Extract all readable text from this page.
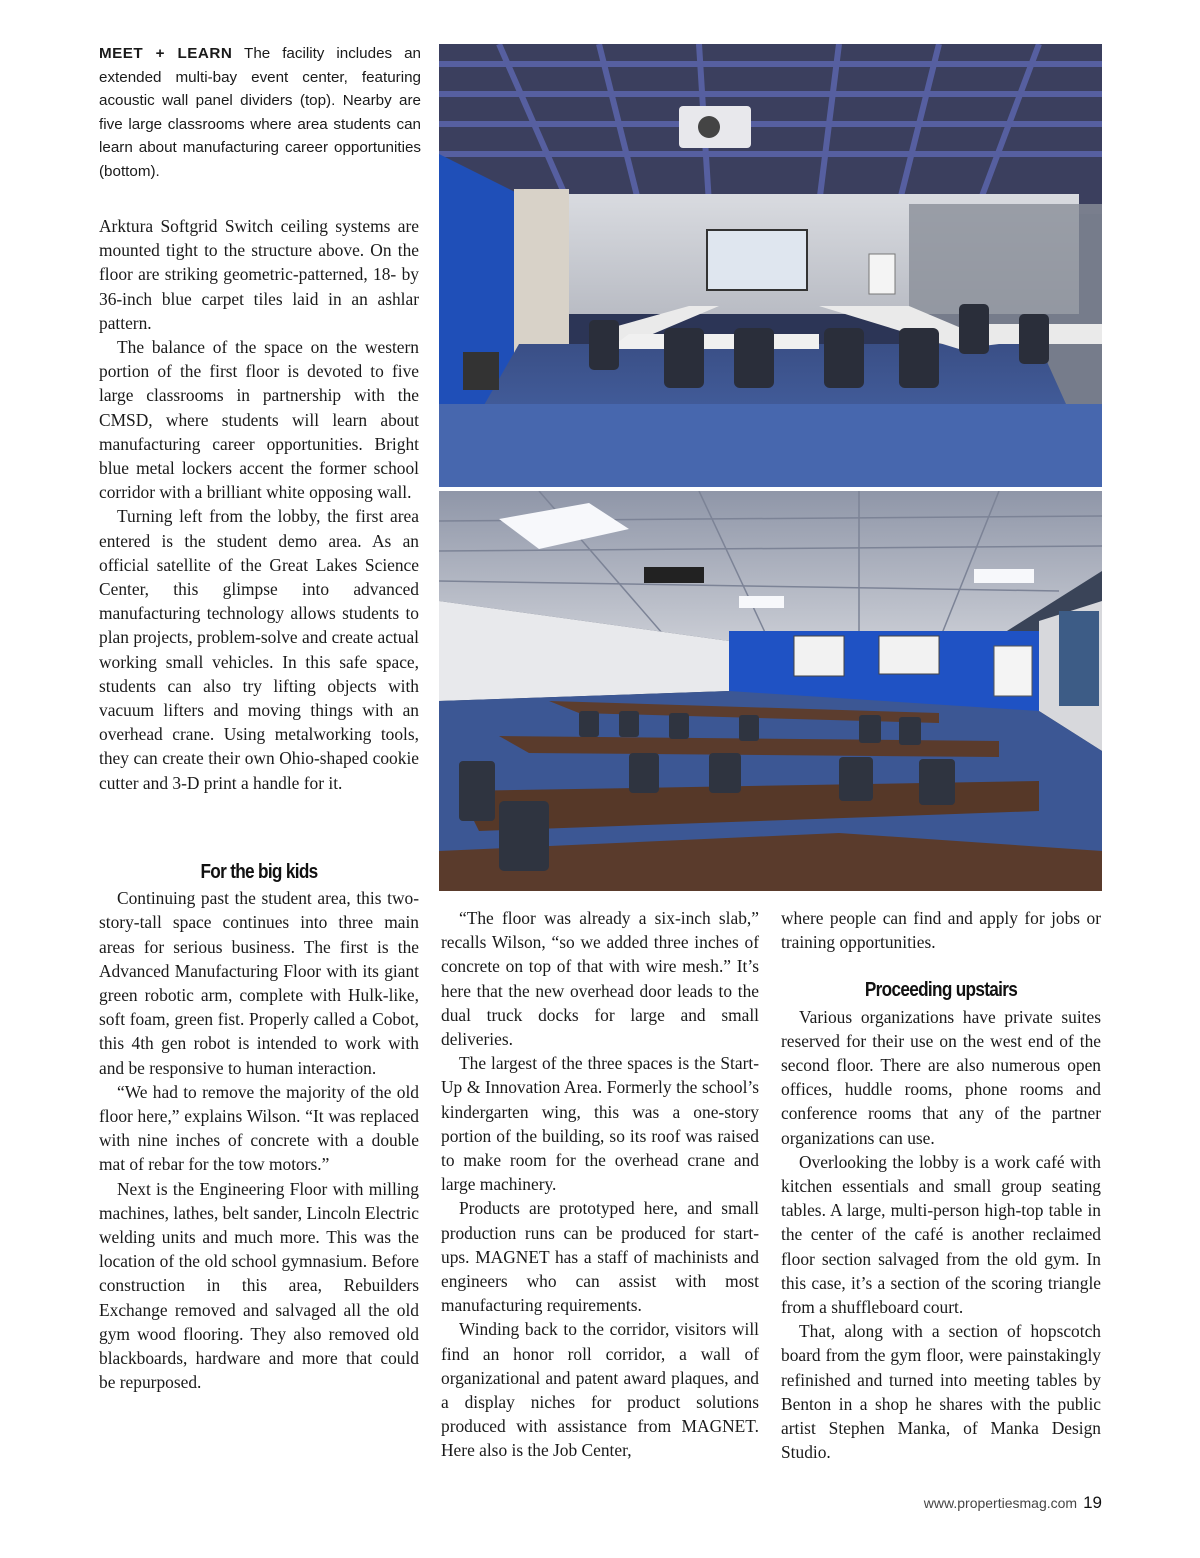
MEET + LEARN The facility includes an extended multi-bay event center, featuring acoustic wall panel dividers (top). Nearby are five large classrooms where area students can learn about manufacturing career opportunities (bottom).

Arktura Softgrid Switch ceiling systems are mounted tight to the structure above. On the floor are striking geometric-patterned, 18- by 36-inch blue carpet tiles laid in an ashlar pattern.

The balance of the space on the western portion of the first floor is devoted to five large classrooms in partnership with the CMSD, where students will learn about manufacturing career opportunities. Bright blue metal lockers accent the former school corridor with a brilliant white opposing wall.

Turning left from the lobby, the first area entered is the student demo area. As an official satellite of the Great Lakes Science Center, this glimpse into advanced manufacturing technology allows students to plan projects, problem-solve and create actual working small vehicles. In this safe space, students can also try lifting objects with vacuum lifters and moving things with an overhead crane. Using metalworking tools, they can create their own Ohio-shaped cookie cutter and 3-D print a handle for it.

For the big kids

Continuing past the student area, this two-story-tall space continues into three main areas for serious business. The first is the Advanced Manufacturing Floor with its giant green robotic arm, complete with Hulk-like, soft foam, green fist. Properly called a Cobot, this 4th gen robot is intended to work with and be responsive to human interaction.

“We had to remove the majority of the old floor here,” explains Wilson. “It was replaced with nine inches of concrete with a double mat of rebar for the tow motors.”

Next is the Engineering Floor with milling machines, lathes, belt sander, Lincoln Electric welding units and much more. This was the location of the old school gymnasium. Before construction in this area, Rebuilders Exchange removed and salvaged all the old gym wood flooring. They also removed old blackboards, hardware and more that could be repurposed.

“The floor was already a six-inch slab,” recalls Wilson, “so we added three inches of concrete on top of that with wire mesh.” It’s here that the new overhead door leads to the dual truck docks for large and small deliveries.

The largest of the three spaces is the Start-Up & Innovation Area. Formerly the school’s kindergarten wing, this was a one-story portion of the building, so its roof was raised to make room for the overhead crane and large machinery.

Products are prototyped here, and small production runs can be produced for start-ups. MAGNET has a staff of machinists and engineers who can assist with most manufacturing requirements.

Winding back to the corridor, visitors will find an honor roll corridor, a wall of organizational and patent award plaques, and a display niches for product solutions produced with assistance from MAGNET. Here also is the Job Center,

where people can find and apply for jobs or training opportunities.

Proceeding upstairs

Various organizations have private suites reserved for their use on the west end of the second floor. There are also numerous open offices, huddle rooms, phone rooms and conference rooms that any of the partner organizations can use.

Overlooking the lobby is a work café with kitchen essentials and small group seating tables. A large, multi-person high-top table in the center of the café is another reclaimed floor section salvaged from the old gym. In this case, it’s a section of the scoring triangle from a shuffleboard court.

That, along with a section of hopscotch board from the gym floor, were painstakingly refinished and turned into meeting tables by Benton in a shop he shares with the public artist Stephen Manka, of Manka Design Studio.

www.propertiesmag.com 19
